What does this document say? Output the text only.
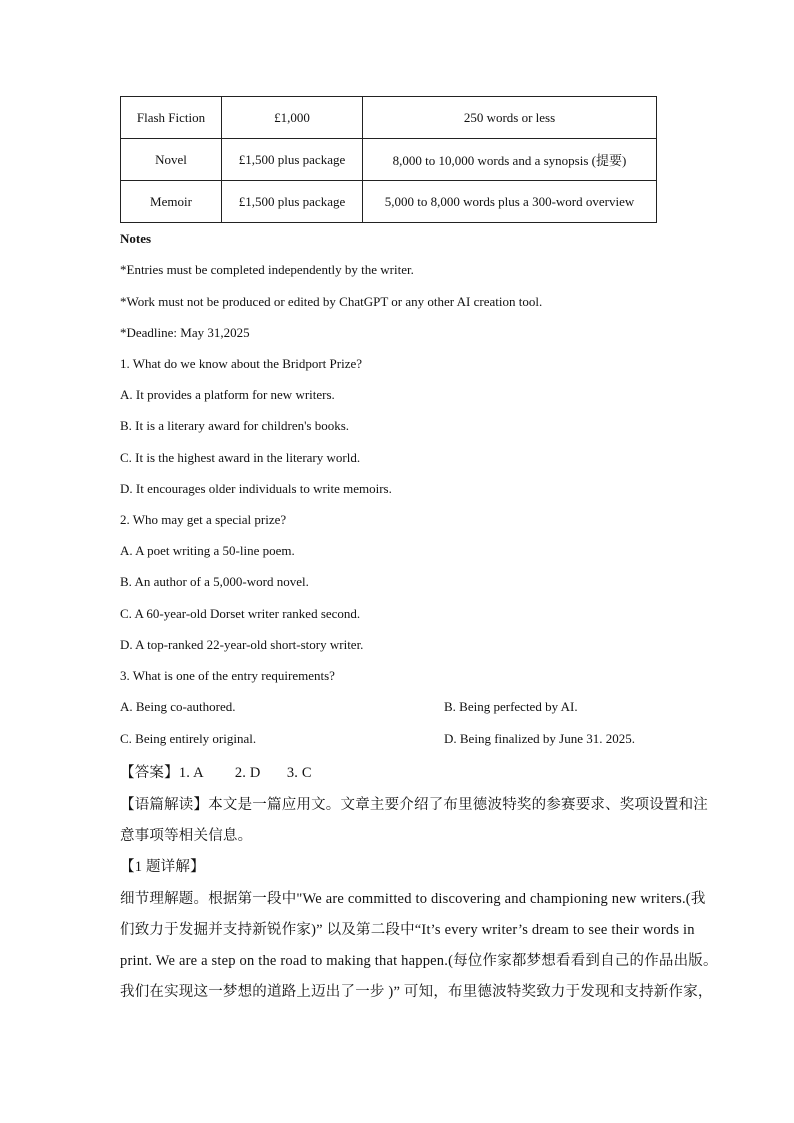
Flash Fiction	£1,000	250 words or less
Novel	£1,500 plus package	8,000 to 10,000 words and a synopsis (提要)
Memoir	£1,500 plus package	5,000 to 8,000 words plus a 300-word overview
Notes
*Entries must be completed independently by the writer.
*Work must not be produced or edited by ChatGPT or any other AI creation tool.
*Deadline: May 31,2025
1. What do we know about the Bridport Prize?
A. It provides a platform for new writers.
B. It is a literary award for children's books.
C. It is the highest award in the literary world.
D. It encourages older individuals to write memoirs.
2. Who may get a special prize?
A. A poet writing a 50-line poem.
B. An author of a 5,000-word novel.
C. A 60-year-old Dorset writer ranked second.
D. A top-ranked 22-year-old short-story writer.
3. What is one of the entry requirements?
A. Being co-authored.	B. Being perfected by AI.
C. Being entirely original.	D. Being finalized by June 31. 2025.
【答案】1. A 2. D 3. C
【语篇解读】本文是一篇应用文。文章主要介绍了布里德波特奖的参赛要求、奖项设置和注
意事项等相关信息。
【1 题详解】
细节理解题。根据第一段中"We are committed to discovering and championing new writers.(我
们致力于发掘并支持新锐作家)” 以及第二段中“It’s every writer’s dream to see their words in
print. We are a step on the road to making that happen.(每位作家都梦想看看到自己的作品出版。
我们在实现这一梦想的道路上迈出了一步 )” 可知，布里德波特奖致力于发现和支持新作家，
